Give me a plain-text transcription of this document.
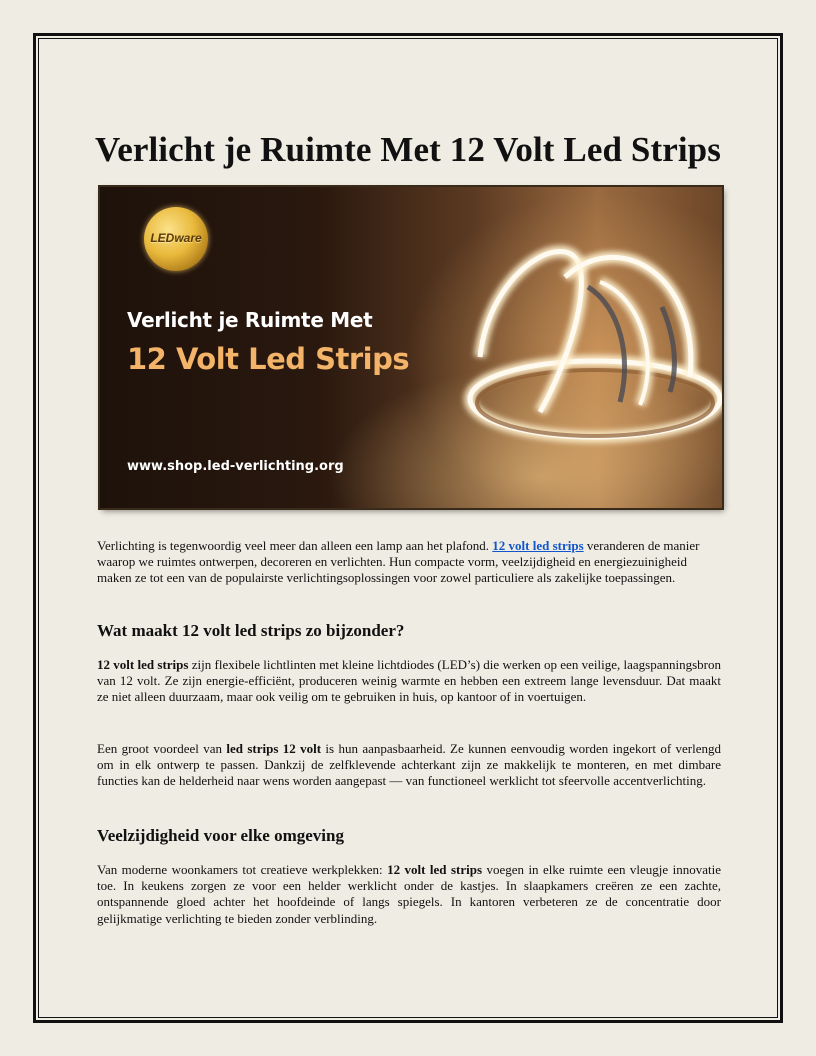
Verlicht je Ruimte Met 12 Volt Led Strips
LEDware

Verlicht je Ruimte Met

12 Volt Led Strips

www.shop.led-verlichting.org

Verlichting is tegenwoordig veel meer dan alleen een lamp aan het plafond. 12 volt led strips veranderen de manier waarop we ruimtes ontwerpen, decoreren en verlichten. Hun compacte vorm, veelzijdigheid en energiezuinigheid maken ze tot een van de populairste verlichtingsoplossingen voor zowel particuliere als zakelijke toepassingen.

Wat maakt 12 volt led strips zo bijzonder?

12 volt led strips zijn flexibele lichtlinten met kleine lichtdiodes (LED’s) die werken op een veilige, laagspanningsbron van 12 volt. Ze zijn energie-efficiënt, produceren weinig warmte en hebben een extreem lange levensduur. Dat maakt ze niet alleen duurzaam, maar ook veilig om te gebruiken in huis, op kantoor of in voertuigen.

Een groot voordeel van led strips 12 volt is hun aanpasbaarheid. Ze kunnen eenvoudig worden ingekort of verlengd om in elk ontwerp te passen. Dankzij de zelfklevende achterkant zijn ze makkelijk te monteren, en met dimbare functies kan de helderheid naar wens worden aangepast — van functioneel werklicht tot sfeervolle accentverlichting.

Veelzijdigheid voor elke omgeving

Van moderne woonkamers tot creatieve werkplekken: 12 volt led strips voegen in elke ruimte een vleugje innovatie toe. In keukens zorgen ze voor een helder werklicht onder de kastjes. In slaapkamers creëren ze een zachte, ontspannende gloed achter het hoofdeinde of langs spiegels. In kantoren verbeteren ze de concentratie door gelijkmatige verlichting te bieden zonder verblinding.
